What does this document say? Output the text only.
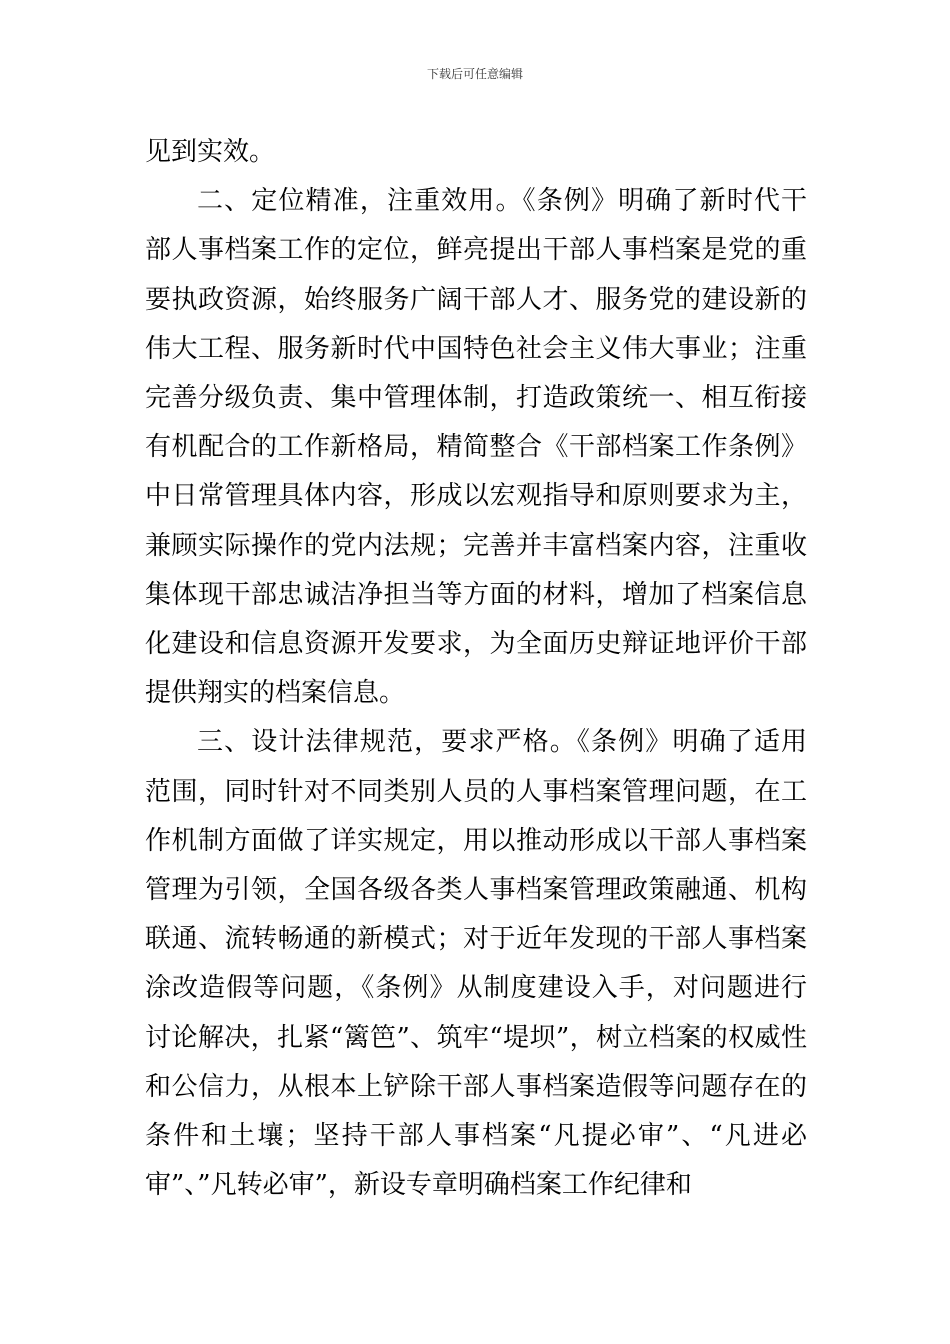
下载后可任意编辑

见到实效。

二、定位精准，注重效用。《条例》明确了新时代干部人事档案工作的定位，鲜亮提出干部人事档案是党的重要执政资源，始终服务广阔干部人才、服务党的建设新的伟大工程、服务新时代中国特色社会主义伟大事业；注重完善分级负责、集中管理体制，打造政策统一、相互衔接有机配合的工作新格局，精简整合《干部档案工作条例》中日常管理具体内容，形成以宏观指导和原则要求为主，兼顾实际操作的党内法规；完善并丰富档案内容，注重收集体现干部忠诚洁净担当等方面的材料，增加了档案信息化建设和信息资源开发要求，为全面历史辩证地评价干部提供翔实的档案信息。

三、设计法律规范，要求严格。《条例》明确了适用范围，同时针对不同类别人员的人事档案管理问题，在工作机制方面做了详实规定，用以推动形成以干部人事档案管理为引领，全国各级各类人事档案管理政策融通、机构联通、流转畅通的新模式；对于近年发现的干部人事档案涂改造假等问题，《条例》从制度建设入手，对问题进行讨论解决，扎紧“篱笆”、筑牢“堤坝”，树立档案的权威性和公信力，从根本上铲除干部人事档案造假等问题存在的条件和土壤；坚持干部人事档案“凡提必审”、“凡进必审”、”凡转必审”，新设专章明确档案工作纪律和
